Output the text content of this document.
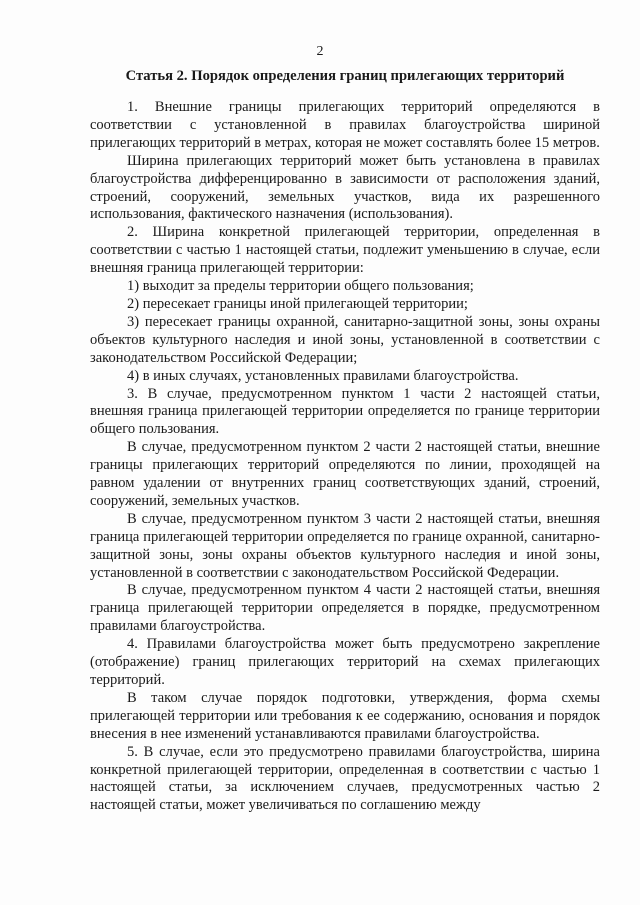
2
Статья 2. Порядок определения границ прилегающих территорий

1. Внешние границы прилегающих территорий определяются в соответствии с установленной в правилах благоустройства шириной прилегающих территорий в метрах, которая не может составлять более 15 метров.

Ширина прилегающих территорий может быть установлена в правилах благоустройства дифференцированно в зависимости от расположения зданий, строений, сооружений, земельных участков, вида их разрешенного использования, фактического назначения (использования).

2. Ширина конкретной прилегающей территории, определенная в соответствии с частью 1 настоящей статьи, подлежит уменьшению в случае, если внешняя граница прилегающей территории:

1) выходит за пределы территории общего пользования;

2) пересекает границы иной прилегающей территории;

3) пересекает границы охранной, санитарно-защитной зоны, зоны охраны объектов культурного наследия и иной зоны, установленной в соответствии с законодательством Российской Федерации;

4) в иных случаях, установленных правилами благоустройства.

3. В случае, предусмотренном пунктом 1 части 2 настоящей статьи, внешняя граница прилегающей территории определяется по границе территории общего пользования.

В случае, предусмотренном пунктом 2 части 2 настоящей статьи, внешние границы прилегающих территорий определяются по линии, проходящей на равном удалении от внутренних границ соответствующих зданий, строений, сооружений, земельных участков.

В случае, предусмотренном пунктом 3 части 2 настоящей статьи, внешняя граница прилегающей территории определяется по границе охранной, санитарно-защитной зоны, зоны охраны объектов культурного наследия и иной зоны, установленной в соответствии с законодательством Российской Федерации.

В случае, предусмотренном пунктом 4 части 2 настоящей статьи, внешняя граница прилегающей территории определяется в порядке, предусмотренном правилами благоустройства.

4. Правилами благоустройства может быть предусмотрено закрепление (отображение) границ прилегающих территорий на схемах прилегающих территорий.

В таком случае порядок подготовки, утверждения, форма схемы прилегающей территории или требования к ее содержанию, основания и порядок внесения в нее изменений устанавливаются правилами благоустройства.

5. В случае, если это предусмотрено правилами благоустройства, ширина конкретной прилегающей территории, определенная в соответствии с частью 1 настоящей статьи, за исключением случаев, предусмотренных частью 2 настоящей статьи, может увеличиваться по соглашению между
